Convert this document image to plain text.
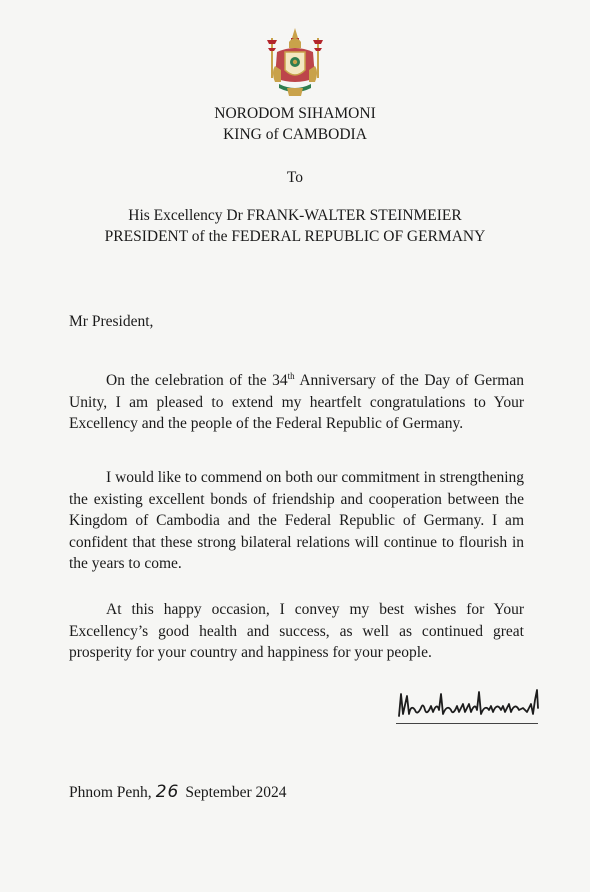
NORODOM SIHAMONI
KING of CAMBODIA
To
His Excellency Dr FRANK-WALTER STEINMEIER
PRESIDENT of the FEDERAL REPUBLIC OF GERMANY
Mr President,

On the celebration of the 34th Anniversary of the Day of German Unity, I am pleased to extend my heartfelt congratulations to Your Excellency and the people of the Federal Republic of Germany.

I would like to commend on both our commitment in strengthening the existing excellent bonds of friendship and cooperation between the Kingdom of Cambodia and the Federal Republic of Germany. I am confident that these strong bilateral relations will continue to flourish in the years to come.

At this happy occasion, I convey my best wishes for Your Excellency’s good health and success, as well as continued great prosperity for your country and happiness for your people.

Phnom Penh, 26 September 2024
